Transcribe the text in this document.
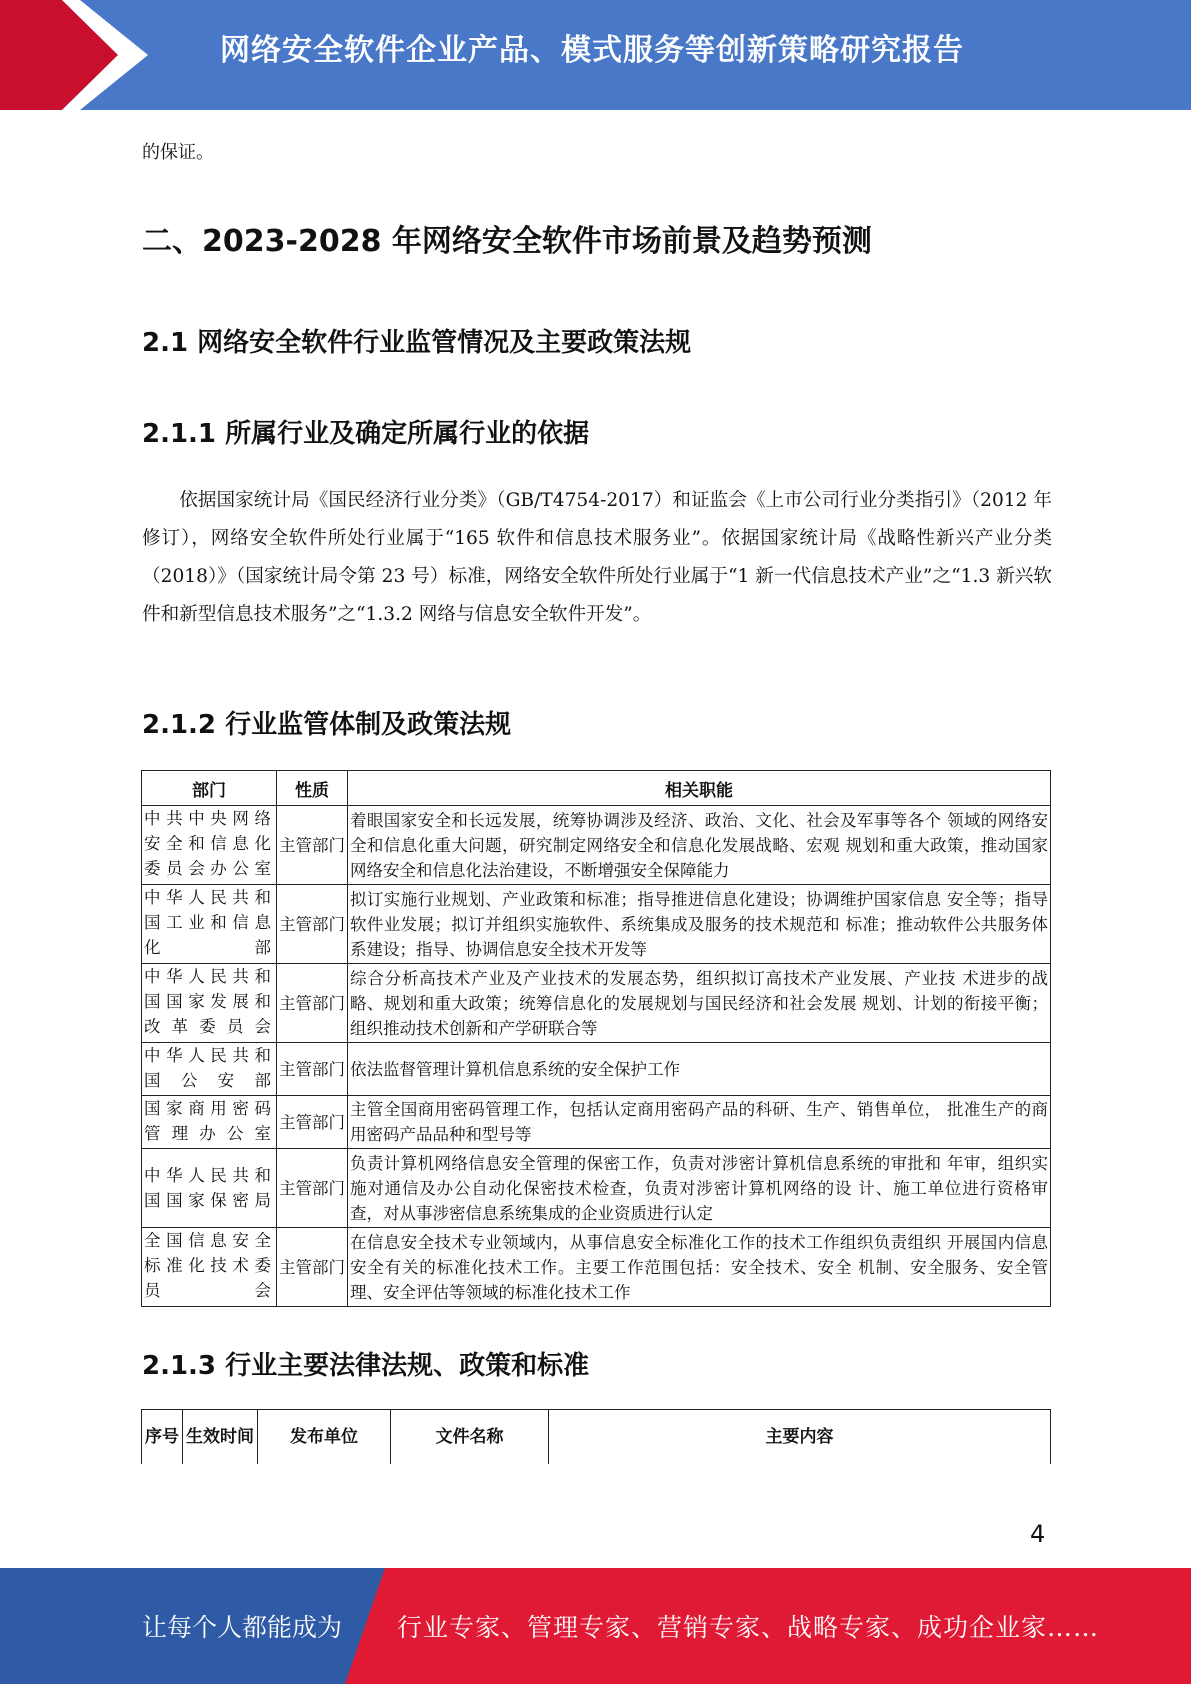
网络安全软件企业产品、模式服务等创新策略研究报告
的保证。
二、2023-2028 年网络安全软件市场前景及趋势预测
2.1 网络安全软件行业监管情况及主要政策法规
2.1.1 所属行业及确定所属行业的依据
依据国家统计局《国民经济行业分类》（GB/T4754-2017）和证监会《上市公司行业分类指引》（2012 年修订），网络安全软件所处行业属于“165 软件和信息技术服务业”。依据国家统计局《战略性新兴产业分类（2018）》（国家统计局令第 23 号）标准，网络安全软件所处行业属于“1 新一代信息技术产业”之“1.3 新兴软件和新型信息技术服务”之“1.3.2 网络与信息安全软件开发”。
2.1.2 行业监管体制及政策法规
部门	性质	相关职能
中共中央网络安全和信息化委员会办公室	主管部门	着眼国家安全和长远发展，统筹协调涉及经济、政治、文化、社会及军事等各个 领域的网络安全和信息化重大问题，研究制定网络安全和信息化发展战略、宏观 规划和重大政策，推动国家网络安全和信息化法治建设，不断增强安全保障能力
中华人民共和国工业和信息化部	主管部门	拟订实施行业规划、产业政策和标准；指导推进信息化建设；协调维护国家信息 安全等；指导软件业发展；拟订并组织实施软件、系统集成及服务的技术规范和 标准；推动软件公共服务体系建设；指导、协调信息安全技术开发等
中华人民共和国国家发展和改革委员会	主管部门	综合分析高技术产业及产业技术的发展态势，组织拟订高技术产业发展、产业技 术进步的战略、规划和重大政策；统筹信息化的发展规划与国民经济和社会发展 规划、计划的衔接平衡；组织推动技术创新和产学研联合等
中华人民共和国公安部	主管部门	依法监督管理计算机信息系统的安全保护工作
国家商用密码管理办公室	主管部门	主管全国商用密码管理工作，包括认定商用密码产品的科研、生产、销售单位， 批准生产的商用密码产品品种和型号等
中华人民共和国国家保密局	主管部门	负责计算机网络信息安全管理的保密工作，负责对涉密计算机信息系统的审批和 年审，组织实施对通信及办公自动化保密技术检查，负责对涉密计算机网络的设 计、施工单位进行资格审查，对从事涉密信息系统集成的企业资质进行认定
全国信息安全标准化技术委员会	主管部门	在信息安全技术专业领域内，从事信息安全标准化工作的技术工作组织负责组织 开展国内信息安全有关的标准化技术工作。主要工作范围包括：安全技术、安全 机制、安全服务、安全管理、安全评估等领域的标准化技术工作
2.1.3 行业主要法律法规、政策和标准
序号	生效时间	发布单位	文件名称	主要内容
4
让每个人都能成为 行业专家、管理专家、营销专家、战略专家、成功企业家……
